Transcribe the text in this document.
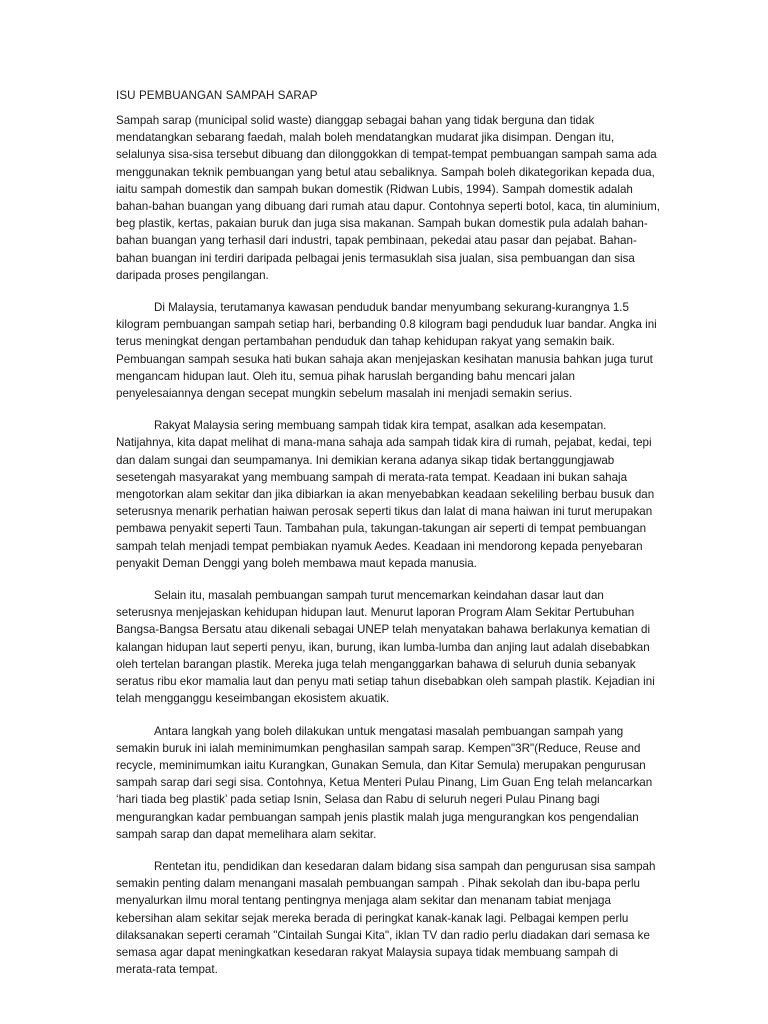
ISU PEMBUANGAN SAMPAH SARAP

Sampah sarap (municipal solid waste) dianggap sebagai bahan yang tidak berguna dan tidak mendatangkan sebarang faedah, malah boleh mendatangkan mudarat jika disimpan. Dengan itu, selalunya sisa-sisa tersebut dibuang dan dilonggokkan di tempat-tempat pembuangan sampah sama ada menggunakan teknik pembuangan yang betul atau sebaliknya. Sampah boleh dikategorikan kepada dua, iaitu sampah domestik dan sampah bukan domestik (Ridwan Lubis, 1994). Sampah domestik adalah bahan-bahan buangan yang dibuang dari rumah atau dapur. Contohnya seperti botol, kaca, tin aluminium, beg plastik, kertas, pakaian buruk dan juga sisa makanan. Sampah bukan domestik pula adalah bahan-bahan buangan yang terhasil dari industri, tapak pembinaan, pekedai atau pasar dan pejabat. Bahan-bahan buangan ini terdiri daripada pelbagai jenis termasuklah sisa jualan, sisa pembuangan dan sisa daripada proses pengilangan.

Di Malaysia, terutamanya kawasan penduduk bandar menyumbang sekurang-kurangnya 1.5 kilogram pembuangan sampah setiap hari, berbanding 0.8 kilogram bagi penduduk luar bandar. Angka ini terus meningkat dengan pertambahan penduduk dan tahap kehidupan rakyat yang semakin baik. Pembuangan sampah sesuka hati bukan sahaja akan menjejaskan kesihatan manusia bahkan juga turut mengancam hidupan laut. Oleh itu, semua pihak haruslah berganding bahu mencari jalan penyelesaiannya dengan secepat mungkin sebelum masalah ini menjadi semakin serius.

Rakyat Malaysia sering membuang sampah tidak kira tempat, asalkan ada kesempatan. Natijahnya, kita dapat melihat di mana-mana sahaja ada sampah tidak kira di rumah, pejabat, kedai, tepi dan dalam sungai dan seumpamanya. Ini demikian kerana adanya sikap tidak bertanggungjawab sesetengah masyarakat yang membuang sampah di merata-rata tempat. Keadaan ini bukan sahaja mengotorkan alam sekitar dan jika dibiarkan ia akan menyebabkan keadaan sekeliling berbau busuk dan seterusnya menarik perhatian haiwan perosak seperti tikus dan lalat di mana haiwan ini turut merupakan pembawa penyakit seperti Taun. Tambahan pula, takungan-takungan air seperti di tempat pembuangan sampah telah menjadi tempat pembiakan nyamuk Aedes. Keadaan ini mendorong kepada penyebaran penyakit Deman Denggi yang boleh membawa maut kepada manusia.

Selain itu, masalah pembuangan sampah turut mencemarkan keindahan dasar laut dan seterusnya menjejaskan kehidupan hidupan laut. Menurut laporan Program Alam Sekitar Pertubuhan Bangsa-Bangsa Bersatu atau dikenali sebagai UNEP telah menyatakan bahawa berlakunya kematian di kalangan hidupan laut seperti penyu, ikan, burung, ikan lumba-lumba dan anjing laut adalah disebabkan oleh tertelan barangan plastik. Mereka juga telah menganggarkan bahawa di seluruh dunia sebanyak seratus ribu ekor mamalia laut dan penyu mati setiap tahun disebabkan oleh sampah plastik. Kejadian ini telah mengganggu keseimbangan ekosistem akuatik.

Antara langkah yang boleh dilakukan untuk mengatasi masalah pembuangan sampah yang semakin buruk ini ialah meminimumkan penghasilan sampah sarap. Kempen"3R"(Reduce, Reuse and recycle, meminimumkan iaitu Kurangkan, Gunakan Semula, dan Kitar Semula) merupakan pengurusan sampah sarap dari segi sisa. Contohnya, Ketua Menteri Pulau Pinang, Lim Guan Eng telah melancarkan ‘hari tiada beg plastik’ pada setiap Isnin, Selasa dan Rabu di seluruh negeri Pulau Pinang bagi mengurangkan kadar pembuangan sampah jenis plastik malah juga mengurangkan kos pengendalian sampah sarap dan dapat memelihara alam sekitar.

Rentetan itu, pendidikan dan kesedaran dalam bidang sisa sampah dan pengurusan sisa sampah semakin penting dalam menangani masalah pembuangan sampah . Pihak sekolah dan ibu-bapa perlu menyalurkan ilmu moral tentang pentingnya menjaga alam sekitar dan menanam tabiat menjaga kebersihan alam sekitar sejak mereka berada di peringkat kanak-kanak lagi. Pelbagai kempen perlu dilaksanakan seperti ceramah "Cintailah Sungai Kita", iklan TV dan radio perlu diadakan dari semasa ke semasa agar dapat meningkatkan kesedaran rakyat Malaysia supaya tidak membuang sampah di merata-rata tempat.
